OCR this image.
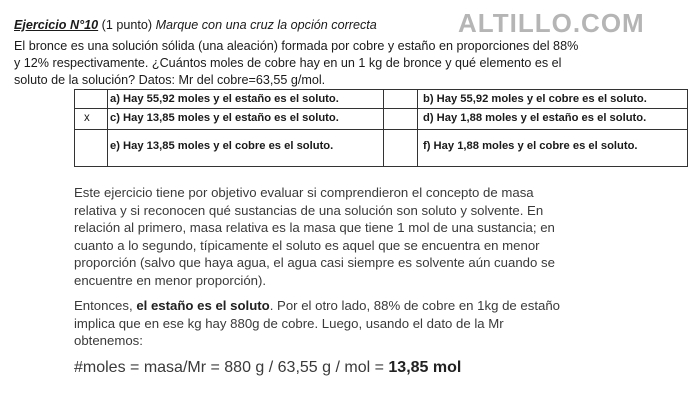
ALTILLO.COM
Ejercicio N°10 (1 punto) Marque con una cruz la opción correcta
El bronce es una solución sólida (una aleación) formada por cobre y estaño en proporciones del 88%
y 12% respectivamente. ¿Cuántos moles de cobre hay en un 1 kg de bronce y qué elemento es el
soluto de la solución? Datos: Mr del cobre=63,55 g/mol.
a) Hay 55,92 moles y el estaño es el soluto.	b) Hay 55,92 moles y el cobre es el soluto.
x c) Hay 13,85 moles y el estaño es el soluto.	d) Hay 1,88 moles y el estaño es el soluto.
e) Hay 13,85 moles y el cobre es el soluto.	f) Hay 1,88 moles y el cobre es el soluto.
Este ejercicio tiene por objetivo evaluar si comprendieron el concepto de masa
relativa y si reconocen qué sustancias de una solución son soluto y solvente. En
relación al primero, masa relativa es la masa que tiene 1 mol de una sustancia; en
cuanto a lo segundo, típicamente el soluto es aquel que se encuentra en menor
proporción (salvo que haya agua, el agua casi siempre es solvente aún cuando se
encuentre en menor proporción).
Entonces, el estaño es el soluto. Por el otro lado, 88% de cobre en 1kg de estaño
implica que en ese kg hay 880g de cobre. Luego, usando el dato de la Mr
obtenemos:
#moles = masa/Mr = 880 g / 63,55 g / mol = 13,85 mol
